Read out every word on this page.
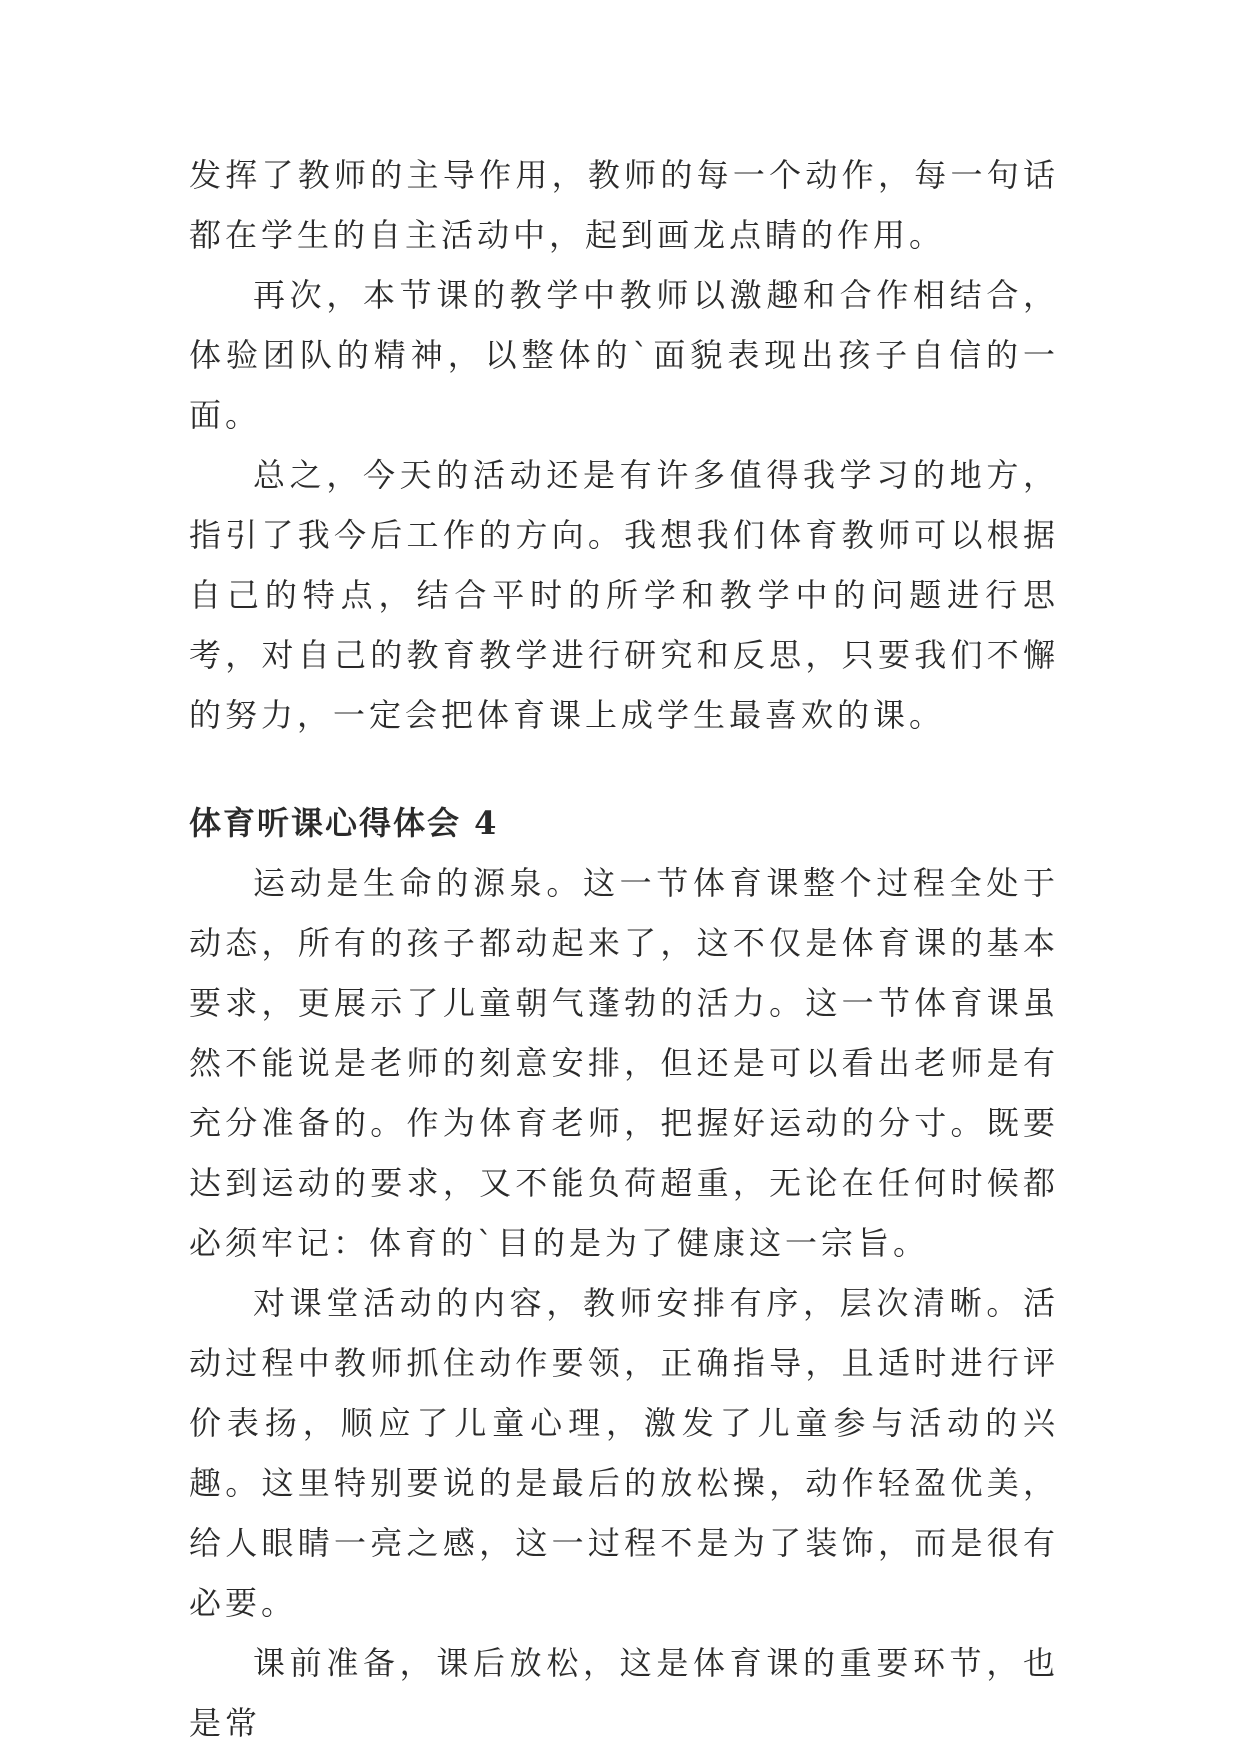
发挥了教师的主导作用，教师的每一个动作，每一句话都在学生的自主活动中，起到画龙点睛的作用。

再次，本节课的教学中教师以激趣和合作相结合，体验团队的精神，以整体的`面貌表现出孩子自信的一面。

总之，今天的活动还是有许多值得我学习的地方，指引了我今后工作的方向。我想我们体育教师可以根据自己的特点，结合平时的所学和教学中的问题进行思考，对自己的教育教学进行研究和反思，只要我们不懈的努力，一定会把体育课上成学生最喜欢的课。

体育听课心得体会 4

运动是生命的源泉。这一节体育课整个过程全处于动态，所有的孩子都动起来了，这不仅是体育课的基本要求，更展示了儿童朝气蓬勃的活力。这一节体育课虽然不能说是老师的刻意安排，但还是可以看出老师是有充分准备的。作为体育老师，把握好运动的分寸。既要达到运动的要求，又不能负荷超重，无论在任何时候都必须牢记：体育的`目的是为了健康这一宗旨。

对课堂活动的内容，教师安排有序，层次清晰。活动过程中教师抓住动作要领，正确指导，且适时进行评价表扬，顺应了儿童心理，激发了儿童参与活动的兴趣。这里特别要说的是最后的放松操，动作轻盈优美，给人眼睛一亮之感，这一过程不是为了装饰，而是很有必要。

课前准备，课后放松，这是体育课的重要环节，也是常
